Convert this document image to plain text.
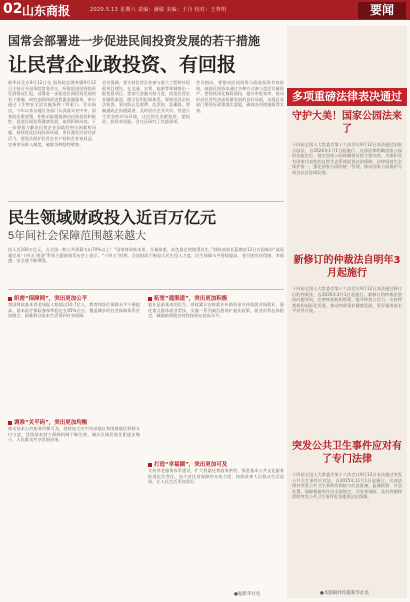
02 山东商报	2020.5.13 星期六 责编：潘敏 美编：王丹 校对：王秀明	要闻
国常会部署进一步促进民间投资发展的若干措施
让民营企业敢投资、有回报
新华社北京9月12日电 国务院总理李强9月12日主持召开国务院常务会议，听取促进民间投资发展情况汇报，部署进一步促进民间投资发展的若干措施，研究加强和改进普惠金融服务，审议通过《生物安全法实施条例（草案）》。会议指出，今年以来各地区各部门认真落实党中央、国务院决策部署，积极采取措施调动民间投资积极性，促进民间投资健康发展，取得积极成效。下一步要着力解决民营企业面临的突出困难和问题，持续优化民间投资环境，更好激发民营经济活力。要依法保护民营企业产权和企业家权益，完善市场准入制度，破除各种隐性壁垒。
会议强调，要支持民营企业参与重大工程和补短板项目建设，在交通、水利、能源等领域推出一批优质项目。要加大金融支持力度，拓宽民营企业融资渠道，健全信用担保体系。要规范涉企执法检查，坚决防止乱收费、乱罚款、乱摊派。要畅通政企沟通渠道，及时回应企业关切，营造公平竞争的市场环境，让民营企业敢投资、愿投资、投资有回报。会议还研究了其他事项。
会议指出，要推动民间投资与政府投资有效衔接，鼓励民间资本通过多种方式参与盘活存量资产。要持续深化简政放权，提升审批效率，推动形成民营经济高质量发展的良好局面，各地区各部门要抓好政策落实落地，确保各项措施取得实效。
民生领域财政投入近百万亿元
5年间社会保障范围越来越大
投入近100万亿元，占全国一般公共预算支出70%以上！“国家财政账本里，分量最重、成色最足的地得民生。”财政部部长蓝佛安12日在国新办“高质量完成‘十四五’规划”系列主题新闻发布会上表示，“十四五”时期，全国财政不断加大民生投入力度，民生保障水平持续提高，老百姓的获得感、幸福感、安全感不断增强。
织密“保障网”，突出更加公平
我国财政基本养老保险人数超过10.7亿人，教育和医疗保障水平不断提高，基本医疗保险参保率稳定在95%左右，覆盖城乡的社会保障体系更加健全，困难群众基本生活得到有效保障。
调准“关平码”，突出更加均衡
推动基本公共服务均衡可及，持续加大对中西部地区和困难地区转移支付力度，县级基本财力保障机制不断完善，城乡区域发展差距逐步缩小，人民群众共享发展成果。
拓宽“通渠道”，突出更加积极
就业是最基本的民生。财政累计安排就业补助资金支持稳就业保就业，强化重点群体就业帮扶，实施一系列减负稳岗扩就业政策，就业形势总体稳定，城镇新增就业持续保持在较高水平。
打造“幸福圈”，突出更加可及
支持养老服务体系建设，扩大普惠托育服务供给，推进基本公共文化服务标准化均等化，加大对住房保障的支持力度，持续改善人民群众生活品质，让人民生活更加美好。
●据新华社电
多项重磅法律表决通过
守护大美！国家公园法来了
十四届全国人大常委会第十六次会议9月12日表决通过国家公园法，自2026年1月1日起施行。这部法律明确国家公园的功能定位，规定国家公园体制建设的主要内容，为保护具有国家代表性的自然生态系统提供法治保障。法律坚持生态保护第一，强化国家公园的统一管理，推动国家公园保护与周边社区协调发展。
新修订的仲裁法自明年3月起施行
十四届全国人大常委会第十六次会议9月12日表决通过修订后的仲裁法，自2026年3月1日起施行。新修订的仲裁法坚持问题导向，完善仲裁机构管理，提升仲裁公信力，支持仲裁机构国际化发展，推动仲裁事业健康发展，更好服务高水平对外开放。
突发公共卫生事件应对有了专门法律
十四届全国人大常委会第十六次会议9月12日表决通过突发公共卫生事件应对法，自2025年11月1日起施行。这部法律对突发公共卫生事件的预防与应急准备、监测预警、应急处置、保障措施等作出全面规定，为有效预防、及时控制和消除突发公共卫生事件危害提供法治保障。
●本版稿件均据新华社电
